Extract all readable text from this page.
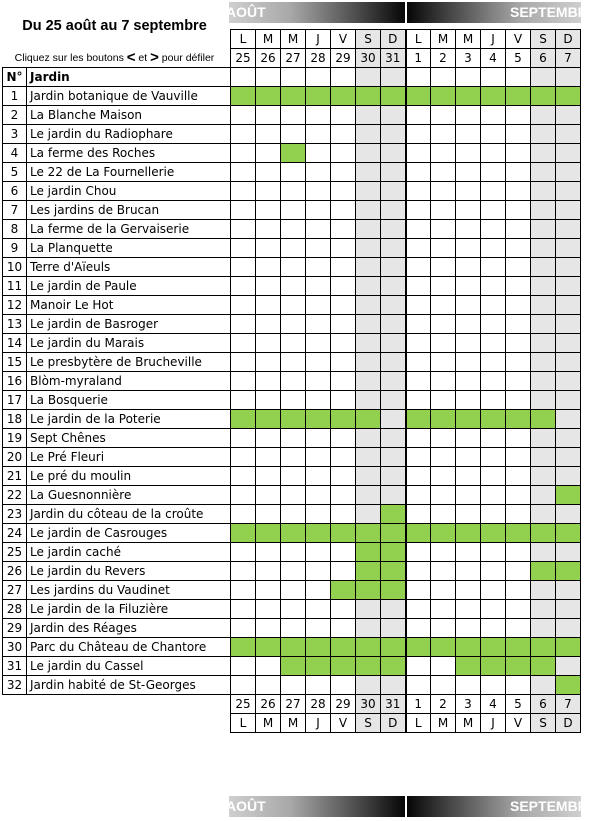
Du 25 août au 7 septembre
Cliquez sur les boutons < et > pour défiler
AOÛT	SEPTEMBRE
AOÛT	SEPTEMBRE
		L	M	M	J	V	S	D	L	M	M	J	V	S	D
		25	26	27	28	29	30	31	1	2	3	4	5	6	7
N°	Jardin														
1	Jardin botanique de Vauville														
2	La Blanche Maison														
3	Le jardin du Radiophare														
4	La ferme des Roches														
5	Le 22 de La Fournellerie														
6	Le jardin Chou														
7	Les jardins de Brucan														
8	La ferme de la Gervaiserie														
9	La Planquette														
10	Terre d'Aïeuls														
11	Le jardin de Paule														
12	Manoir Le Hot														
13	Le jardin de Basroger														
14	Le jardin du Marais														
15	Le presbytère de Brucheville														
16	Blòm-myraland														
17	La Bosquerie														
18	Le jardin de la Poterie														
19	Sept Chênes														
20	Le Pré Fleuri														
21	Le pré du moulin														
22	La Guesnonnière														
23	Jardin du côteau de la croûte														
24	Le jardin de Casrouges														
25	Le jardin caché														
26	Le jardin du Revers														
27	Les jardins du Vaudinet														
28	Le jardin de la Filuzière														
29	Jardin des Réages														
30	Parc du Château de Chantore														
31	Le jardin du Cassel														
32	Jardin habité de St-Georges														
		25	26	27	28	29	30	31	1	2	3	4	5	6	7
		L	M	M	J	V	S	D	L	M	M	J	V	S	D
